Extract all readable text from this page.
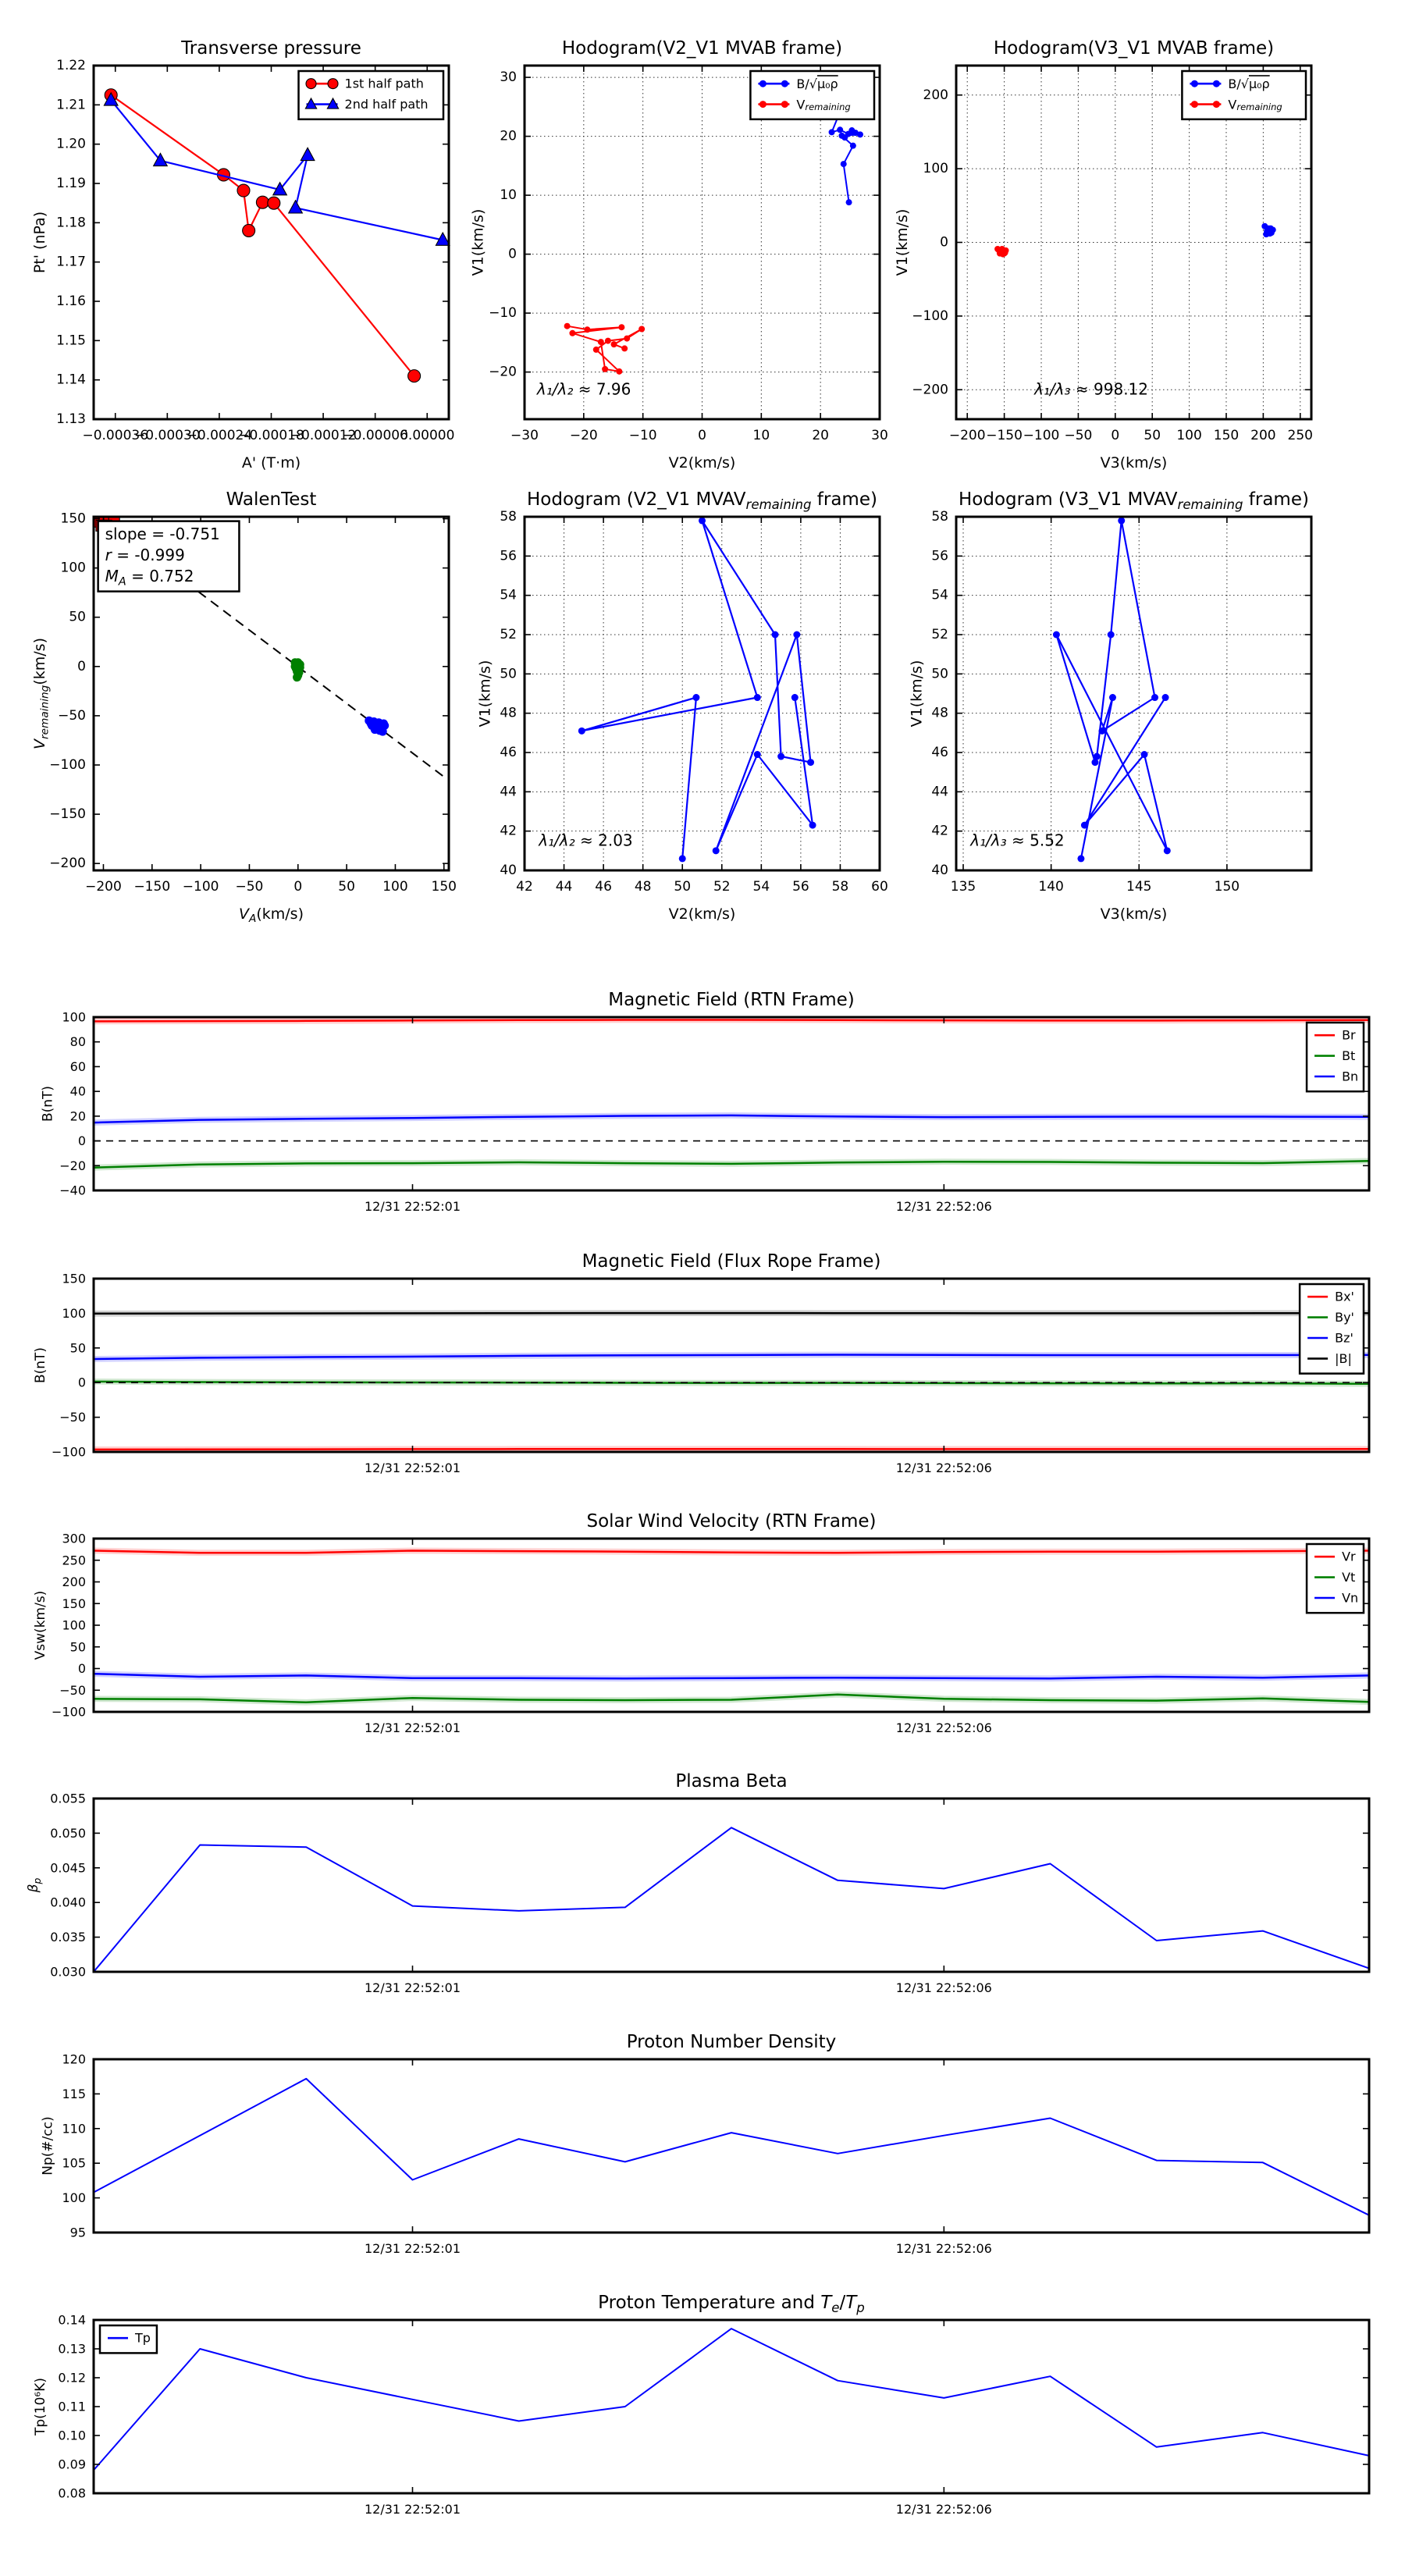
−0.00036
−0.00030
−0.00024
−0.00018
−0.00012
−0.00006
0.00000
1.13
1.14
1.15
1.16
1.17
1.18
1.19
1.20
1.21
1.22
Transverse pressure
A' (T·m)
Pt' (nPa)
1st half path
2nd half path
−30 −20 −10	0	10	20	30
−20
−10
0
10
20
30
Hodogram(V2_V1 MVAB frame)
V2(km/s)
V1(km/s)
λ₁/λ₂ ≈ 7.96
B/√μ₀ρ
$V_{remaining}$
−200 −150 −100 −50 0 50 100 150 200 250
−200
−100
0
100
200
Hodogram(V3_V1 MVAB frame)
V3(km/s)
V1(km/s)
λ₁/λ₃ ≈ 998.12
B/√μ₀ρ
$V_{remaining}$
−200 −150 −100 −50 0	50 100 150
−200
−150
−100
−50
0
50
100
150
WalenTest
$V_A(km/s)$
$V_{remaining}(km/s)$
slope = -0.751
r = -0.999
$M_A = 0.752$
42 44 46 48 50 52 54 56 58 60
40
42
44
46
48
50
52
54
56
58
Hodogram (V2_V1 $MVAV_{remaining}$ frame)
V2(km/s)
V1(km/s)
λ₁/λ₂ ≈ 2.03
135	140	145	150
40
42
44
46
48
50
52
54
56
58
Hodogram (V3_V1 $MVAV_{remaining}$ frame)
V3(km/s)
V1(km/s)
λ₁/λ₃ ≈ 5.52
12/31 22:52:01	12/31 22:52:06
−40
−20
0
20
40
60
80
100
Magnetic Field (RTN Frame)
B(nT)
Br
Bt
Bn
12/31 22:52:01	12/31 22:52:06
−100
−50
0
50
100
150
Magnetic Field (Flux Rope Frame)
B(nT)
Bx'
By'
Bz'
|B|
12/31 22:52:01	12/31 22:52:06
−100
−50
0
50
100
150
200
250
300
Solar Wind Velocity (RTN Frame)
Vsw(km/s)
Vr
Vt
Vn
12/31 22:52:01	12/31 22:52:06
0.030
0.035
0.040
0.045
0.050
0.055
Plasma Beta
$\beta_p$
12/31 22:52:01	12/31 22:52:06
95
100
105
110
115
120
Proton Number Density
Np(#/cc)
12/31 22:52:01	12/31 22:52:06
0.08
0.09
0.10
0.11
0.12
0.13
0.14
Proton Temperature and $T_e/T_p$
Tp(10⁶K)
Tp
